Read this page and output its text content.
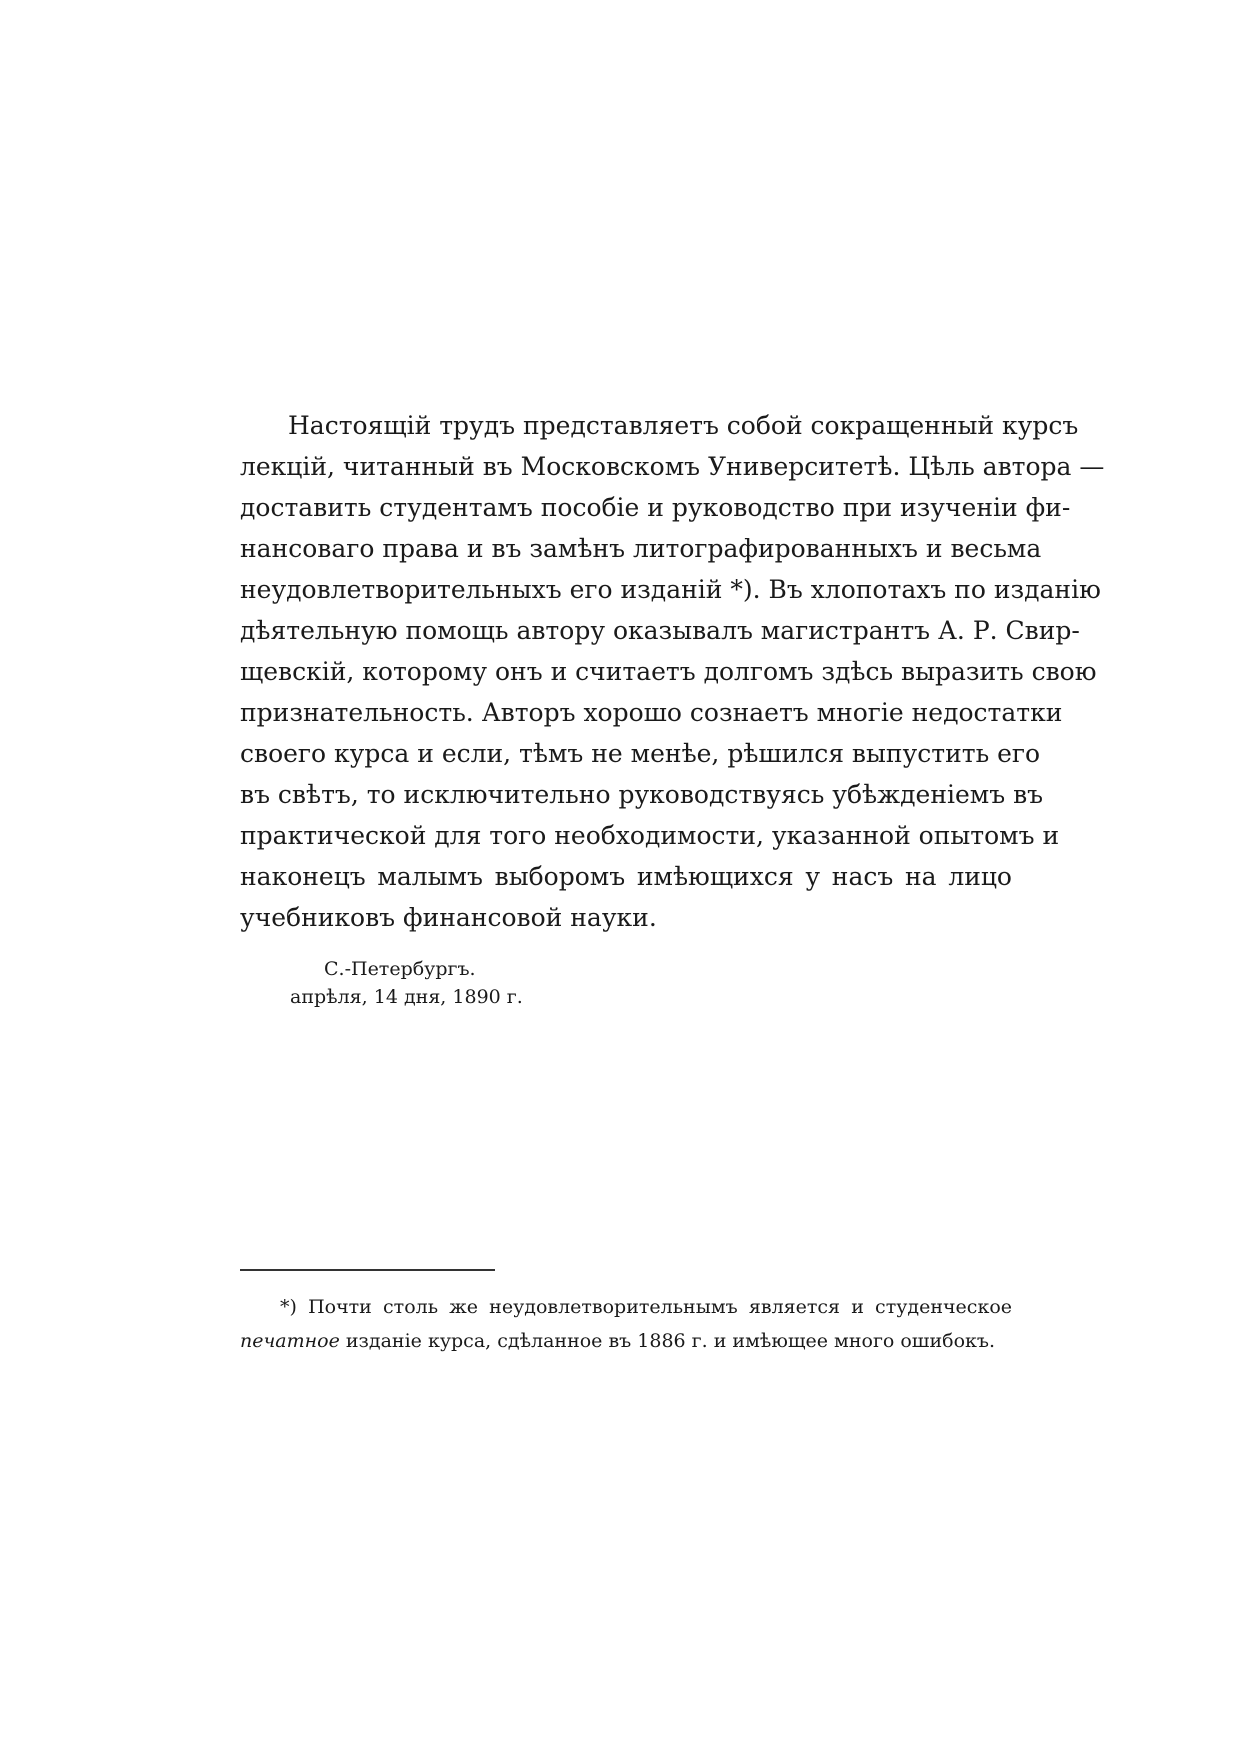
Настоящій трудъ представляетъ собой сокращенный курсъ
лекцій, читанный въ Московскомъ Университетѣ. Цѣль автора —
доставить студентамъ пособіе и руководство при изученіи фи-
нансоваго права и въ замѣнъ литографированныхъ и весьма
неудовлетворительныхъ его изданій *). Въ хлопотахъ по изданію
дѣятельную помощь автору оказывалъ магистрантъ А. Р. Свир-
щевскій, которому онъ и считаетъ долгомъ здѣсь выразить свою
признательность. Авторъ хорошо сознаетъ многіе недостатки
своего курса и если, тѣмъ не менѣе, рѣшился выпустить его
въ свѣтъ, то исключительно руководствуясь убѣжденіемъ въ
практической для того необходимости, указанной опытомъ и
наконецъ малымъ выборомъ имѣющихся у насъ на лицо
учебниковъ финансовой науки.
С.-Петербургъ.
апрѣля, 14 дня, 1890 г.
*) Почти столь же неудовлетворительнымъ является и студенческое
печатное изданіе курса, сдѣланное въ 1886 г. и имѣющее много ошибокъ.
